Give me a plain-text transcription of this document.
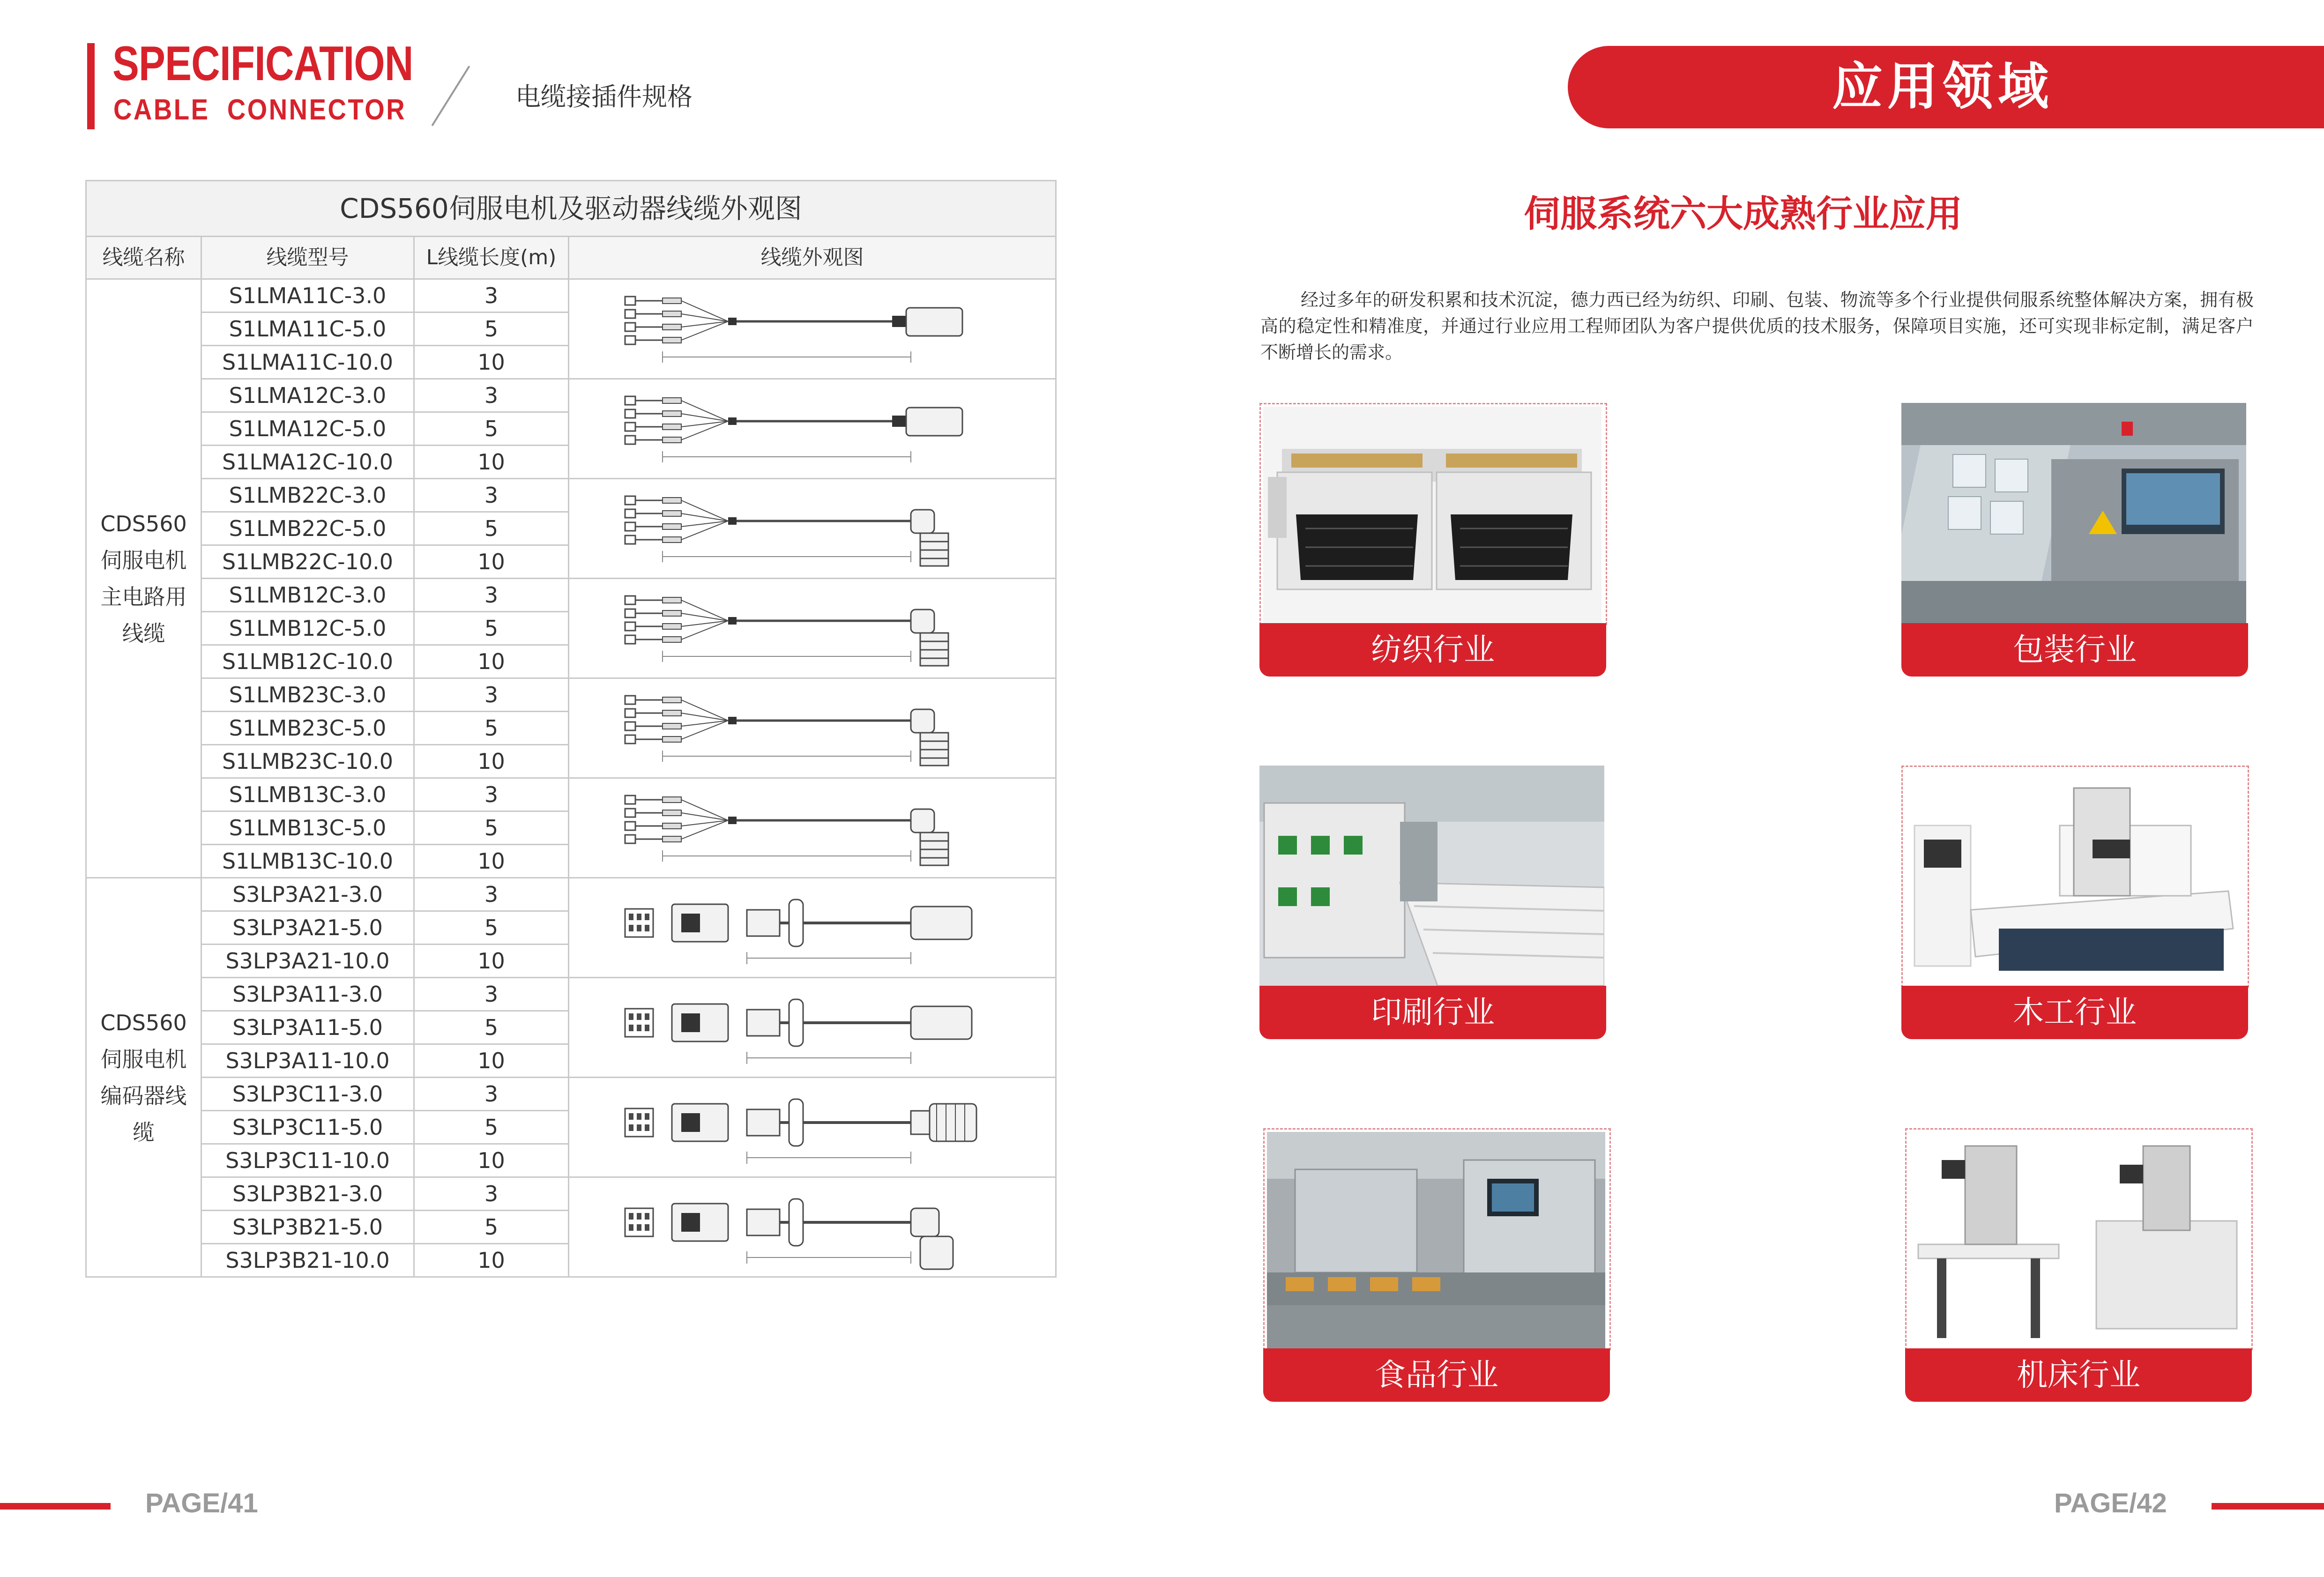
SPECIFICATION
CABLE  CONNECTOR	电缆接插件规格
CDS560伺服电机及驱动器线缆外观图			
线缆名称	线缆型号	L线缆长度(m)	线缆外观图
CDS560伺服电机主电路用线缆	S1LMA11C-3.0	3	

	S1LMA11C-5.0	5	
	S1LMA11C-10.0	10	
	S1LMA12C-3.0	3	

	S1LMA12C-5.0	5	
	S1LMA12C-10.0	10	
	S1LMB22C-3.0	3	

	S1LMB22C-5.0	5	
	S1LMB22C-10.0	10	
	S1LMB12C-3.0	3	

	S1LMB12C-5.0	5	
	S1LMB12C-10.0	10	
	S1LMB23C-3.0	3	

	S1LMB23C-5.0	5	
	S1LMB23C-10.0	10	
	S1LMB13C-3.0	3	

	S1LMB13C-5.0	5	
	S1LMB13C-10.0	10	
CDS560伺服电机编码器线缆	S3LP3A21-3.0	3	

	S3LP3A21-5.0	5	
	S3LP3A21-10.0	10	
	S3LP3A11-3.0	3	

	S3LP3A11-5.0	5	
	S3LP3A11-10.0	10	
	S3LP3C11-3.0	3	

	S3LP3C11-5.0	5	
	S3LP3C11-10.0	10	
	S3LP3B21-3.0	3	

	S3LP3B21-5.0	5	
	S3LP3B21-10.0	10	
应用领域
伺服系统六大成熟行业应用
经过多年的研发积累和技术沉淀，德力西已经为纺织、印刷、包装、物流等多个行业提供伺服系统整体解决方案，拥有极高的稳定性和精准度，并通过行业应用工程师团队为客户提供优质的技术服务，保障项目实施，还可实现非标定制，满足客户不断增长的需求。
纺织行业	包装行业
印刷行业	木工行业
食品行业	机床行业
PAGE/41	PAGE/42
